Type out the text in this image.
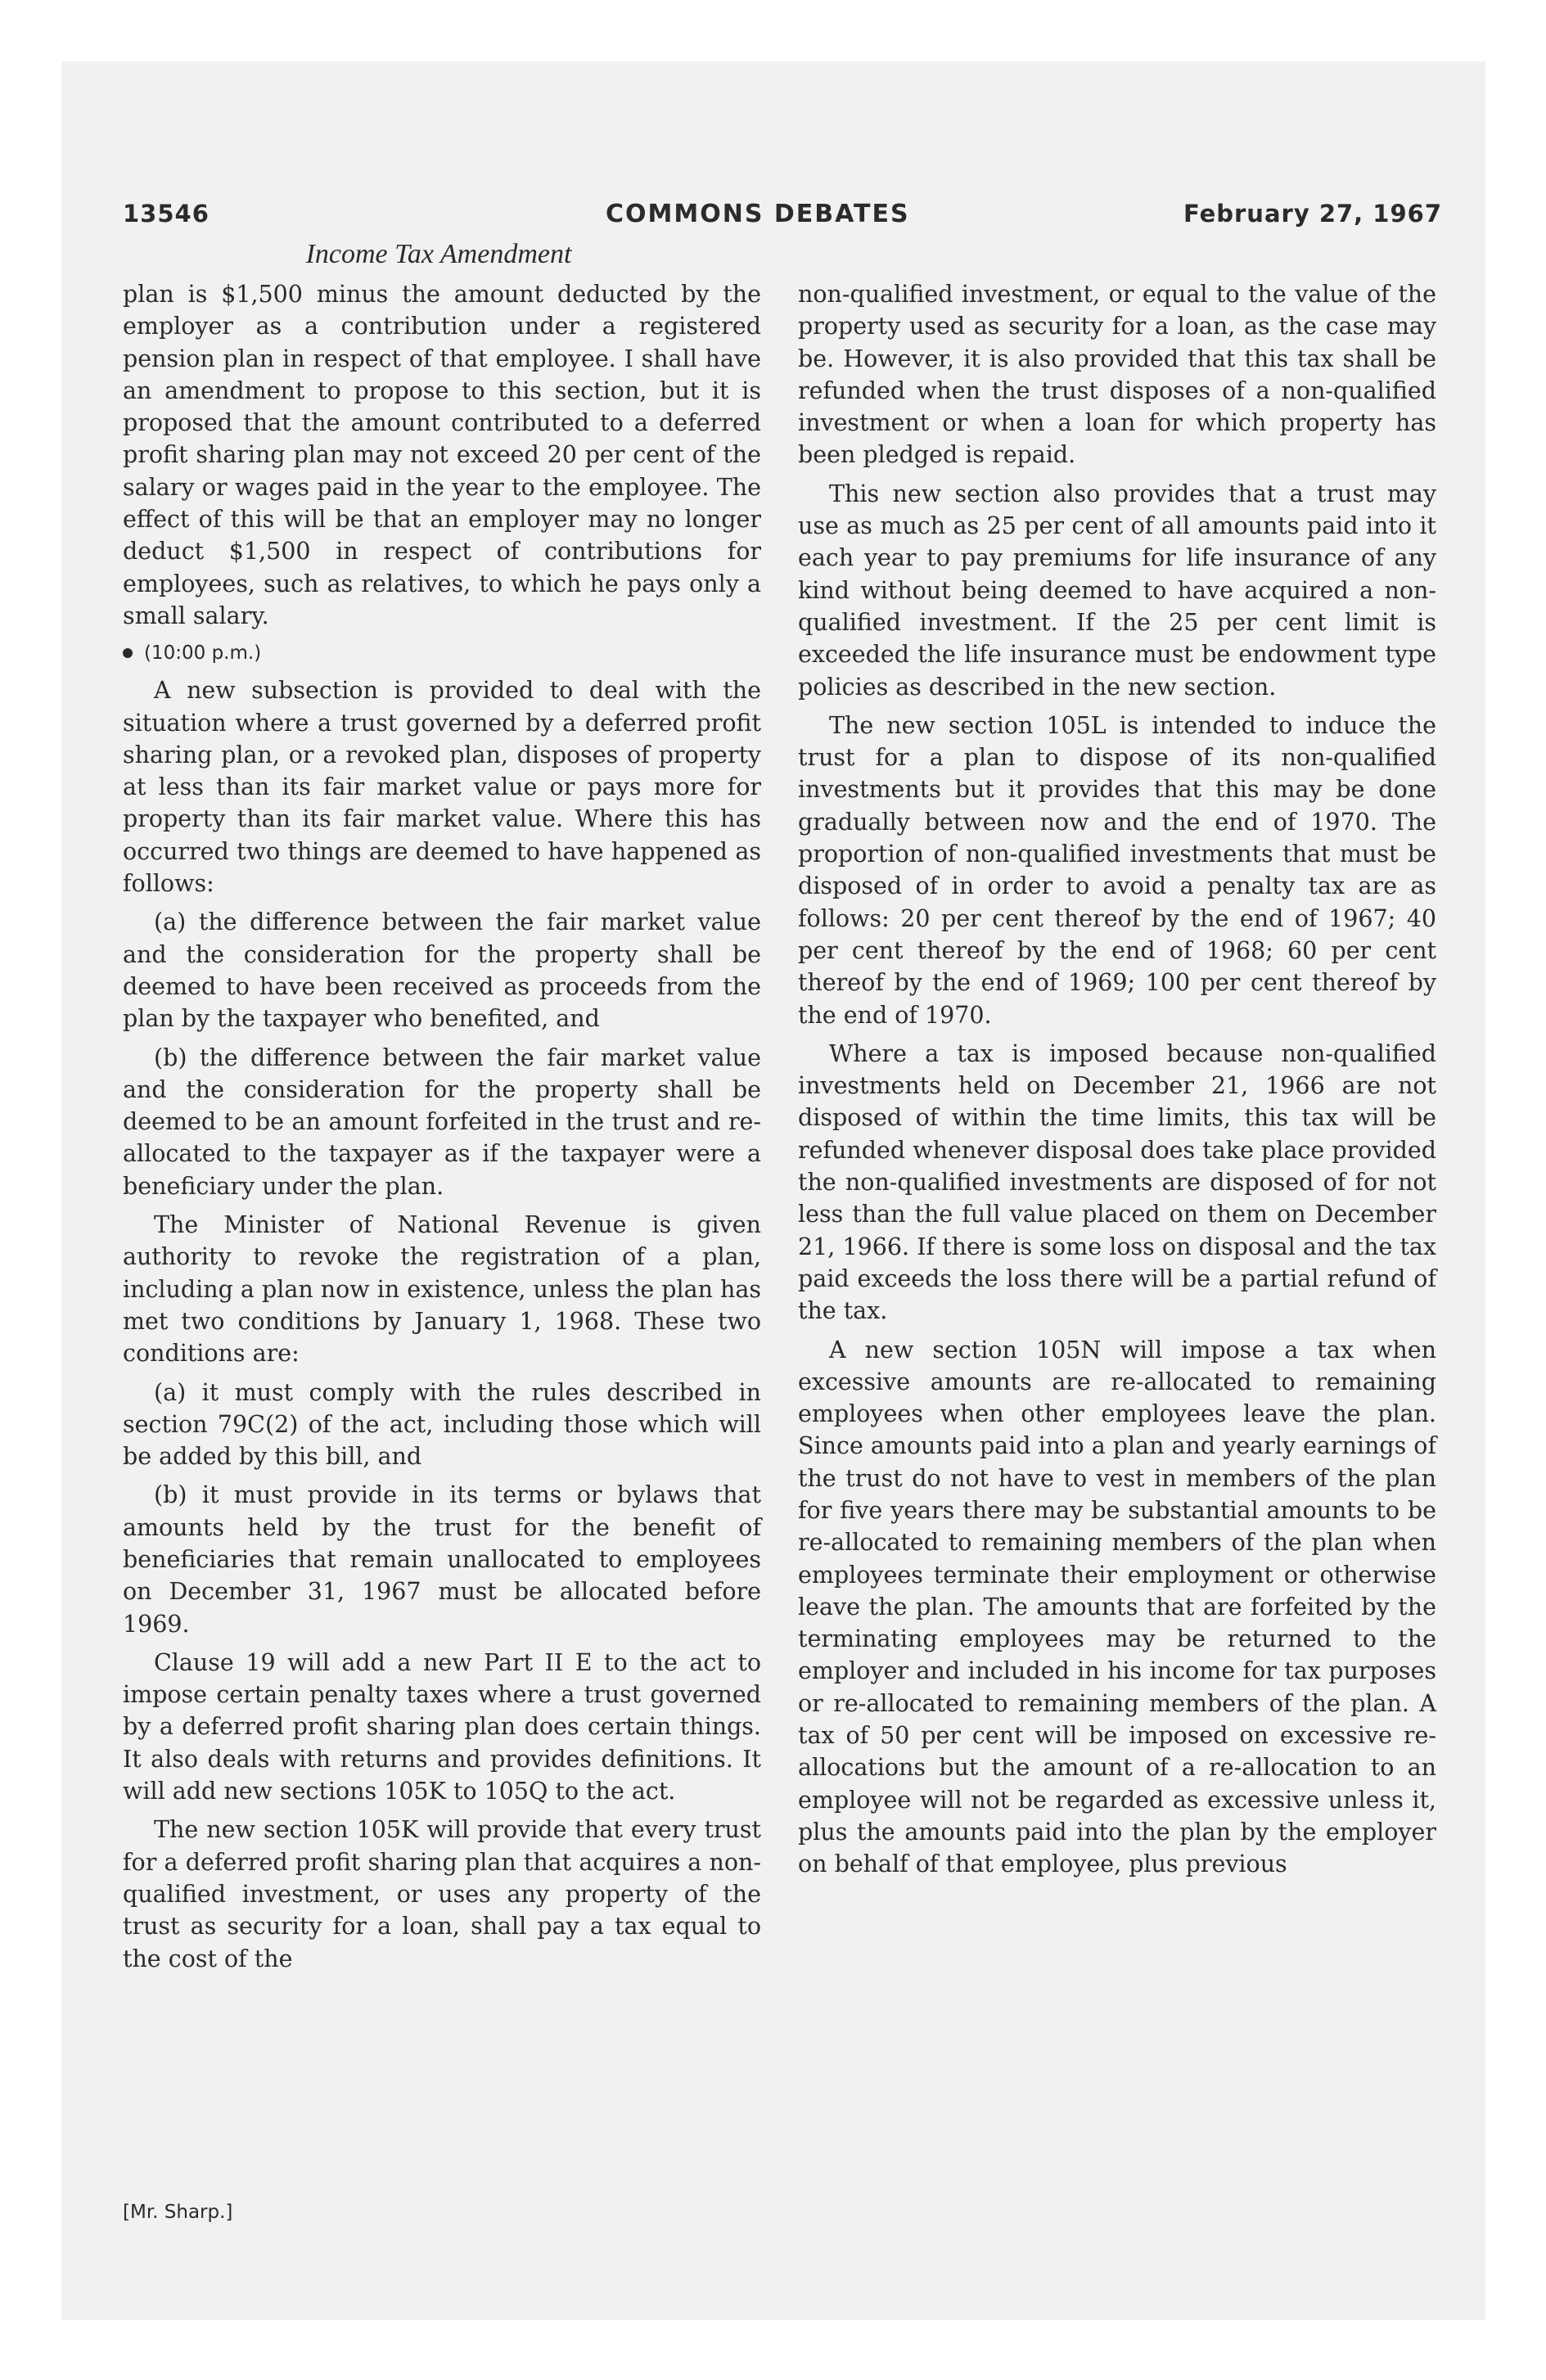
13546	COMMONS DEBATES	February 27, 1967
Income Tax Amendment

plan is $1,500 minus the amount deducted by the employer as a contribution under a registered pension plan in respect of that employee. I shall have an amendment to propose to this section, but it is proposed that the amount contributed to a deferred profit sharing plan may not exceed 20 per cent of the salary or wages paid in the year to the employee. The effect of this will be that an employer may no longer deduct $1,500 in respect of contributions for employees, such as relatives, to which he pays only a small salary.

(10:00 p.m.)

A new subsection is provided to deal with the situation where a trust governed by a deferred profit sharing plan, or a revoked plan, disposes of property at less than its fair market value or pays more for property than its fair market value. Where this has occurred two things are deemed to have happened as follows:

(a) the difference between the fair market value and the consideration for the property shall be deemed to have been received as proceeds from the plan by the taxpayer who benefited, and

(b) the difference between the fair market value and the consideration for the property shall be deemed to be an amount forfeited in the trust and re-allocated to the taxpayer as if the taxpayer were a beneficiary under the plan.

The Minister of National Revenue is given authority to revoke the registration of a plan, including a plan now in existence, unless the plan has met two conditions by January 1, 1968. These two conditions are:

(a) it must comply with the rules described in section 79C(2) of the act, including those which will be added by this bill, and

(b) it must provide in its terms or bylaws that amounts held by the trust for the benefit of beneficiaries that remain unallocated to employees on December 31, 1967 must be allocated before 1969.

Clause 19 will add a new Part II E to the act to impose certain penalty taxes where a trust governed by a deferred profit sharing plan does certain things. It also deals with returns and provides definitions. It will add new sections 105K to 105Q to the act.

The new section 105K will provide that every trust for a deferred profit sharing plan that acquires a non-qualified investment, or uses any property of the trust as security for a loan, shall pay a tax equal to the cost of the

non-qualified investment, or equal to the value of the property used as security for a loan, as the case may be. However, it is also provided that this tax shall be refunded when the trust disposes of a non-qualified investment or when a loan for which property has been pledged is repaid.

This new section also provides that a trust may use as much as 25 per cent of all amounts paid into it each year to pay premiums for life insurance of any kind without being deemed to have acquired a non-qualified investment. If the 25 per cent limit is exceeded the life insurance must be endowment type policies as described in the new section.

The new section 105L is intended to induce the trust for a plan to dispose of its non-qualified investments but it provides that this may be done gradually between now and the end of 1970. The proportion of non-qualified investments that must be disposed of in order to avoid a penalty tax are as follows: 20 per cent thereof by the end of 1967; 40 per cent thereof by the end of 1968; 60 per cent thereof by the end of 1969; 100 per cent thereof by the end of 1970.

Where a tax is imposed because non-qualified investments held on December 21, 1966 are not disposed of within the time limits, this tax will be refunded whenever disposal does take place provided the non-qualified investments are disposed of for not less than the full value placed on them on December 21, 1966. If there is some loss on disposal and the tax paid exceeds the loss there will be a partial refund of the tax.

A new section 105N will impose a tax when excessive amounts are re-allocated to remaining employees when other employees leave the plan. Since amounts paid into a plan and yearly earnings of the trust do not have to vest in members of the plan for five years there may be substantial amounts to be re-allocated to remaining members of the plan when employees terminate their employment or otherwise leave the plan. The amounts that are forfeited by the terminating employees may be returned to the employer and included in his income for tax purposes or re-allocated to remaining members of the plan. A tax of 50 per cent will be imposed on excessive re-allocations but the amount of a re-allocation to an employee will not be regarded as excessive unless it, plus the amounts paid into the plan by the employer on behalf of that employee, plus previous

[Mr. Sharp.]
